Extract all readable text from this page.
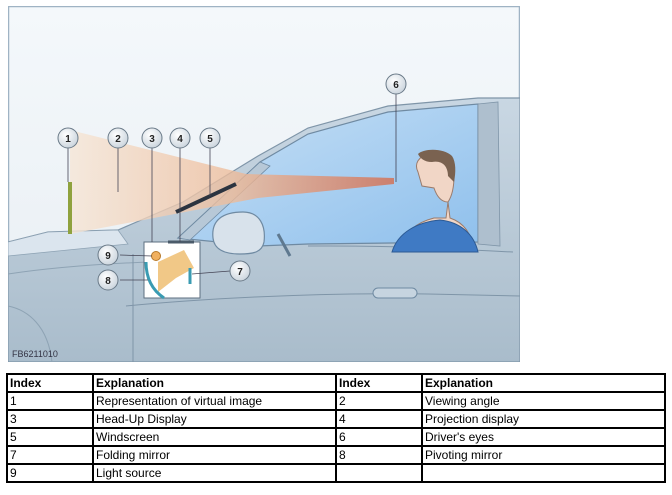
1	2	3 4 5
6
7
8
9
FB6211010
Index	Explanation	Index	Explanation
1	Representation of virtual image	2	Viewing angle
3	Head-Up Display	4	Projection display
5	Windscreen	6	Driver's eyes
7	Folding mirror	8	Pivoting mirror
9	Light source		
